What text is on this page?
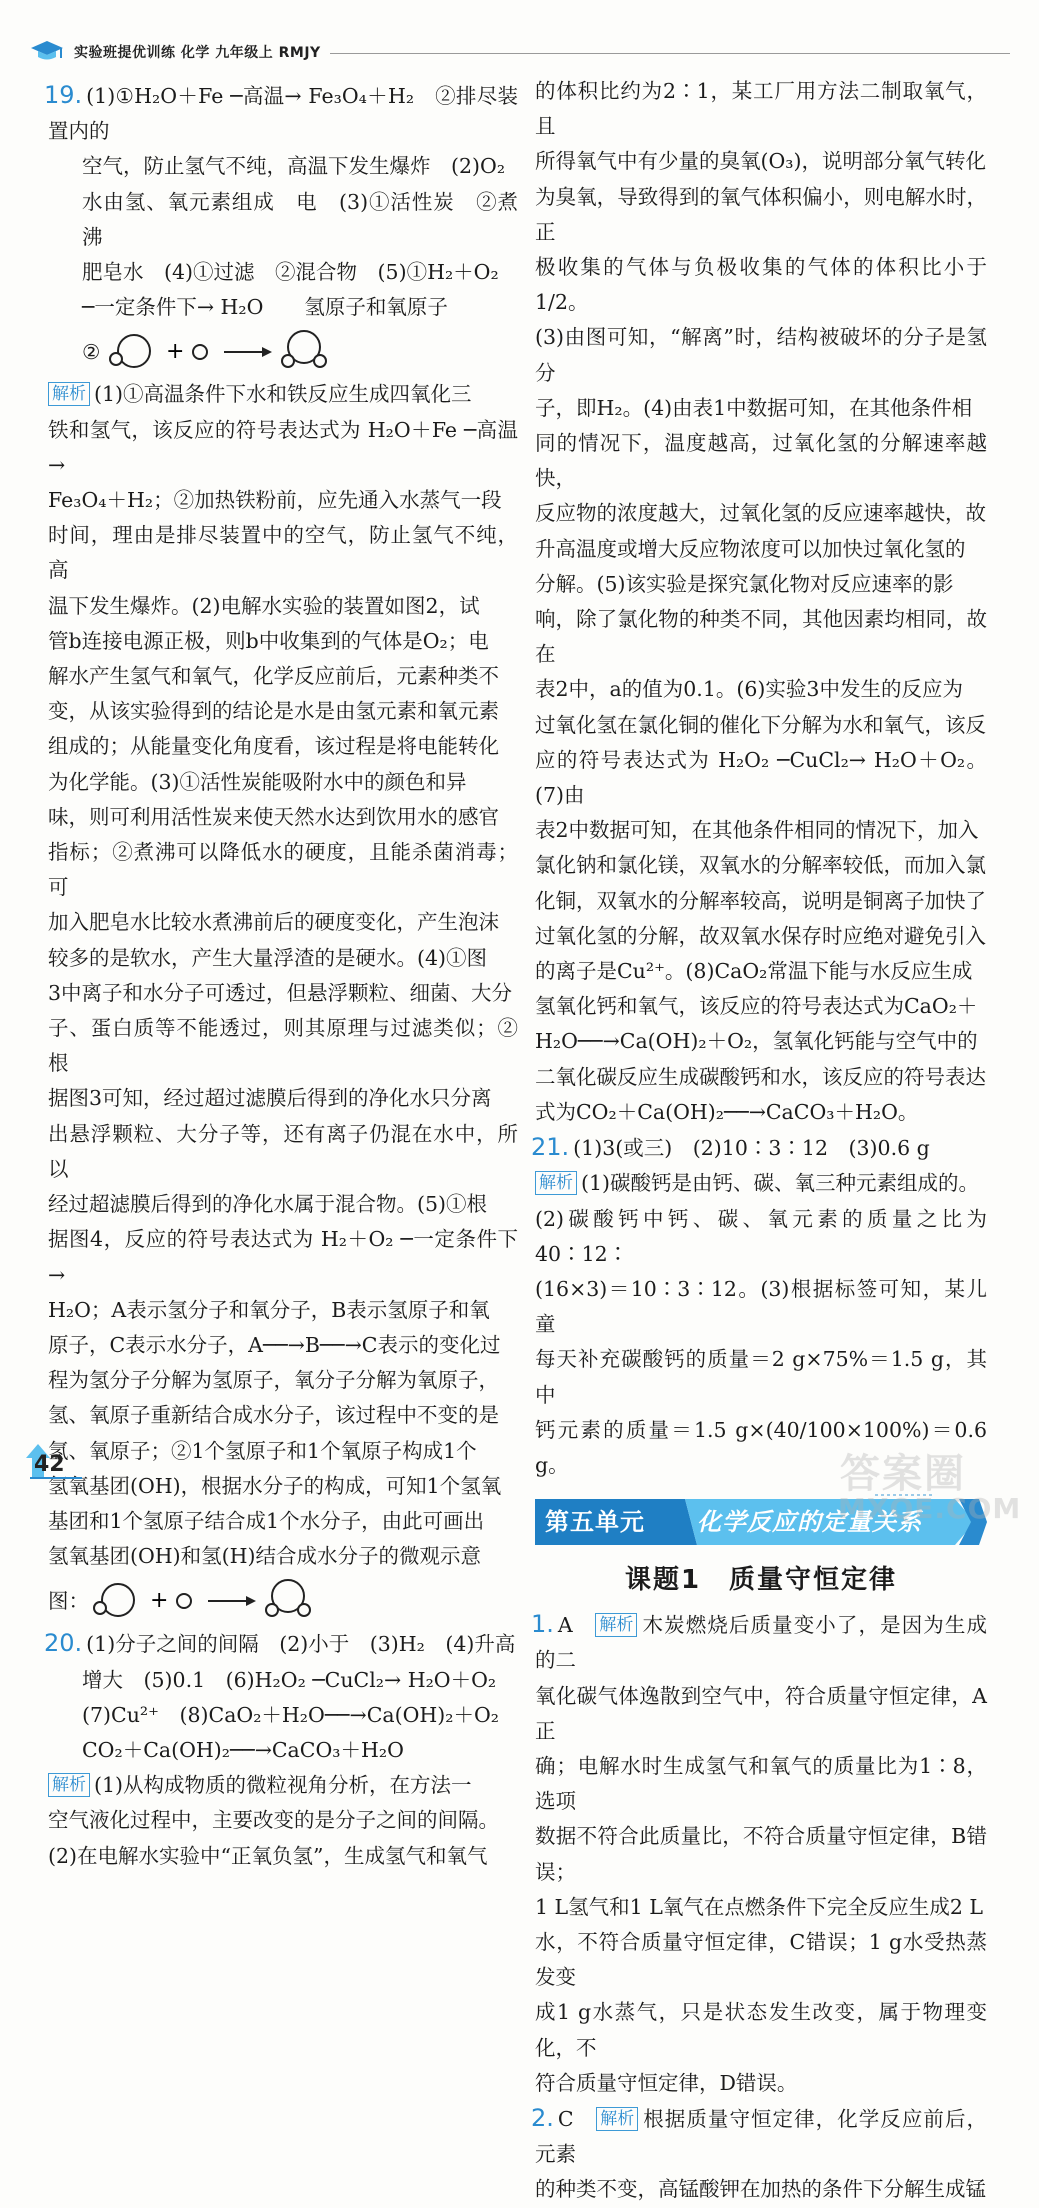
实验班提优训练 化学 九年级上 RMJY

19. (1)①H₂O＋Fe ─高温→ Fe₃O₄＋H₂　②排尽装置内的

空气，防止氢气不纯，高温下发生爆炸　(2)O₂

水由氢、氧元素组成　电　(3)①活性炭　②煮沸

肥皂水　(4)①过滤　②混合物　(5)①H₂＋O₂

─一定条件下→ H₂O　　氢原子和氧原子

②	+

解析 (1)①高温条件下水和铁反应生成四氧化三

铁和氢气，该反应的符号表达式为 H₂O＋Fe ─高温→

Fe₃O₄＋H₂；②加热铁粉前，应先通入水蒸气一段

时间，理由是排尽装置中的空气，防止氢气不纯，高

温下发生爆炸。(2)电解水实验的装置如图2，试

管b连接电源正极，则b中收集到的气体是O₂；电

解水产生氢气和氧气，化学反应前后，元素种类不

变，从该实验得到的结论是水是由氢元素和氧元素

组成的；从能量变化角度看，该过程是将电能转化

为化学能。(3)①活性炭能吸附水中的颜色和异

味，则可利用活性炭来使天然水达到饮用水的感官

指标；②煮沸可以降低水的硬度，且能杀菌消毒；可

加入肥皂水比较水煮沸前后的硬度变化，产生泡沫

较多的是软水，产生大量浮渣的是硬水。(4)①图

3中离子和水分子可透过，但悬浮颗粒、细菌、大分

子、蛋白质等不能透过，则其原理与过滤类似；②根

据图3可知，经过超过滤膜后得到的净化水只分离

出悬浮颗粒、大分子等，还有离子仍混在水中，所以

经过超滤膜后得到的净化水属于混合物。(5)①根

据图4，反应的符号表达式为 H₂＋O₂ ─一定条件下→

H₂O；A表示氢分子和氧分子，B表示氢原子和氧

原子，C表示水分子，A──→B──→C表示的变化过

程为氢分子分解为氢原子，氧分子分解为氧原子，

氢、氧原子重新结合成水分子，该过程中不变的是

氢、氧原子；②1个氢原子和1个氧原子构成1个

氢氧基团(OH)，根据水分子的构成，可知1个氢氧

基团和1个氢原子结合成1个水分子，由此可画出

氢氧基团(OH)和氢(H)结合成水分子的微观示意

图：	+

20. (1)分子之间的间隔　(2)小于　(3)H₂　(4)升高

增大　(5)0.1　(6)H₂O₂ ─CuCl₂→ H₂O＋O₂

(7)Cu²⁺　(8)CaO₂＋H₂O──→Ca(OH)₂＋O₂

CO₂＋Ca(OH)₂──→CaCO₃＋H₂O

解析 (1)从构成物质的微粒视角分析，在方法一

空气液化过程中，主要改变的是分子之间的间隔。

(2)在电解水实验中“正氧负氢”，生成氢气和氧气

的体积比约为2∶1，某工厂用方法二制取氧气，且

所得氧气中有少量的臭氧(O₃)，说明部分氧气转化

为臭氧，导致得到的氧气体积偏小，则电解水时，正

极收集的气体与负极收集的气体的体积比小于1/2。

(3)由图可知，“解离”时，结构被破坏的分子是氢分

子，即H₂。(4)由表1中数据可知，在其他条件相

同的情况下，温度越高，过氧化氢的分解速率越快，

反应物的浓度越大，过氧化氢的反应速率越快，故

升高温度或增大反应物浓度可以加快过氧化氢的

分解。(5)该实验是探究氯化物对反应速率的影

响，除了氯化物的种类不同，其他因素均相同，故在

表2中，a的值为0.1。(6)实验3中发生的反应为

过氧化氢在氯化铜的催化下分解为水和氧气，该反

应的符号表达式为 H₂O₂ ─CuCl₂→ H₂O＋O₂。(7)由

表2中数据可知，在其他条件相同的情况下，加入

氯化钠和氯化镁，双氧水的分解率较低，而加入氯

化铜，双氧水的分解率较高，说明是铜离子加快了

过氧化氢的分解，故双氧水保存时应绝对避免引入

的离子是Cu²⁺。(8)CaO₂常温下能与水反应生成

氢氧化钙和氧气，该反应的符号表达式为CaO₂＋

H₂O──→Ca(OH)₂＋O₂，氢氧化钙能与空气中的

二氧化碳反应生成碳酸钙和水，该反应的符号表达

式为CO₂＋Ca(OH)₂──→CaCO₃＋H₂O。

21. (1)3(或三)　(2)10∶3∶12　(3)0.6 g

解析 (1)碳酸钙是由钙、碳、氧三种元素组成的。

(2)碳酸钙中钙、碳、氧元素的质量之比为40∶12∶

(16×3)＝10∶3∶12。(3)根据标签可知，某儿童

每天补充碳酸钙的质量＝2 g×75%＝1.5 g，其中

钙元素的质量＝1.5 g×(40/100×100%)＝0.6 g。

第五单元 化学反应的定量关系
课题1　质量守恒定律

1. A　 解析 木炭燃烧后质量变小了，是因为生成的二

氧化碳气体逸散到空气中，符合质量守恒定律，A正

确；电解水时生成氢气和氧气的质量比为1∶8，选项

数据不符合此质量比，不符合质量守恒定律，B错误；

1 L氢气和1 L氧气在点燃条件下完全反应生成2 L

水，不符合质量守恒定律，C错误；1 g水受热蒸发变

成1 g水蒸气，只是状态发生改变，属于物理变化，不

符合质量守恒定律，D错误。

2. C　 解析 根据质量守恒定律，化学反应前后，元素

的种类不变，高锰酸钾在加热的条件下分解生成锰

42	答案圈
MXQE.COM
